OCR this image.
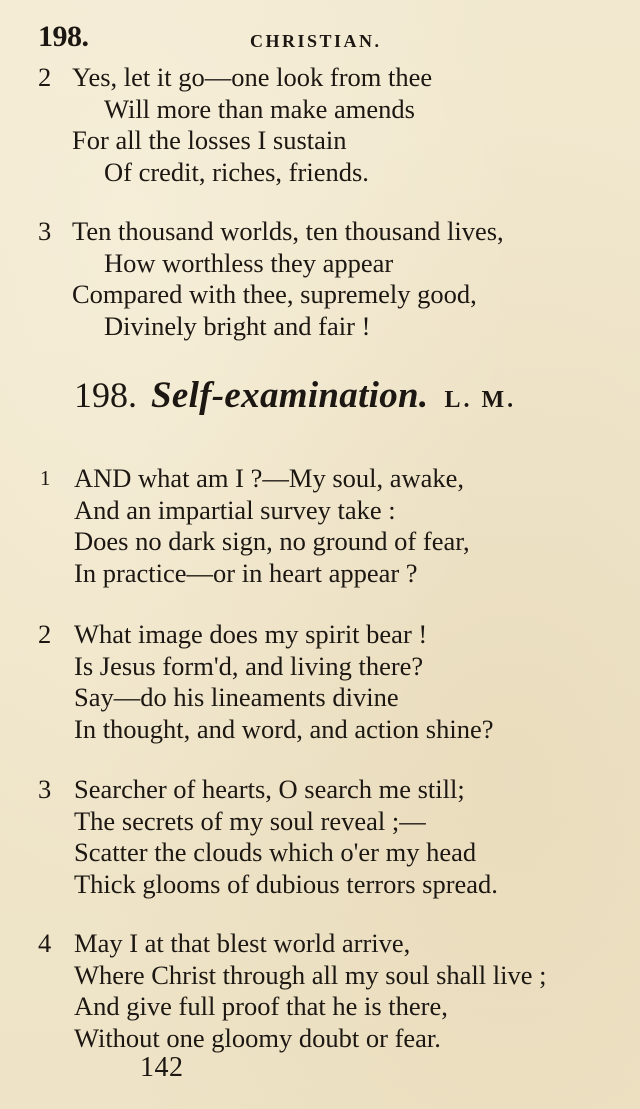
198.	CHRISTIAN.
2 Yes, let it go—one look from thee
Will more than make amends
For all the losses I sustain
Of credit, riches, friends.
3 Ten thousand worlds, ten thousand lives,
How worthless they appear
Compared with thee, supremely good,
Divinely bright and fair !
198. Self-examination. L. M.
1 AND what am I ?—My soul, awake,
And an impartial survey take :
Does no dark sign, no ground of fear,
In practice—or in heart appear ?
2 What image does my spirit bear !
Is Jesus form'd, and living there?
Say—do his lineaments divine
In thought, and word, and action shine?
3 Searcher of hearts, O search me still;
The secrets of my soul reveal ;—
Scatter the clouds which o'er my head
Thick glooms of dubious terrors spread.
4 May I at that blest world arrive,
Where Christ through all my soul shall live ;
And give full proof that he is there,
Without one gloomy doubt or fear.
142
